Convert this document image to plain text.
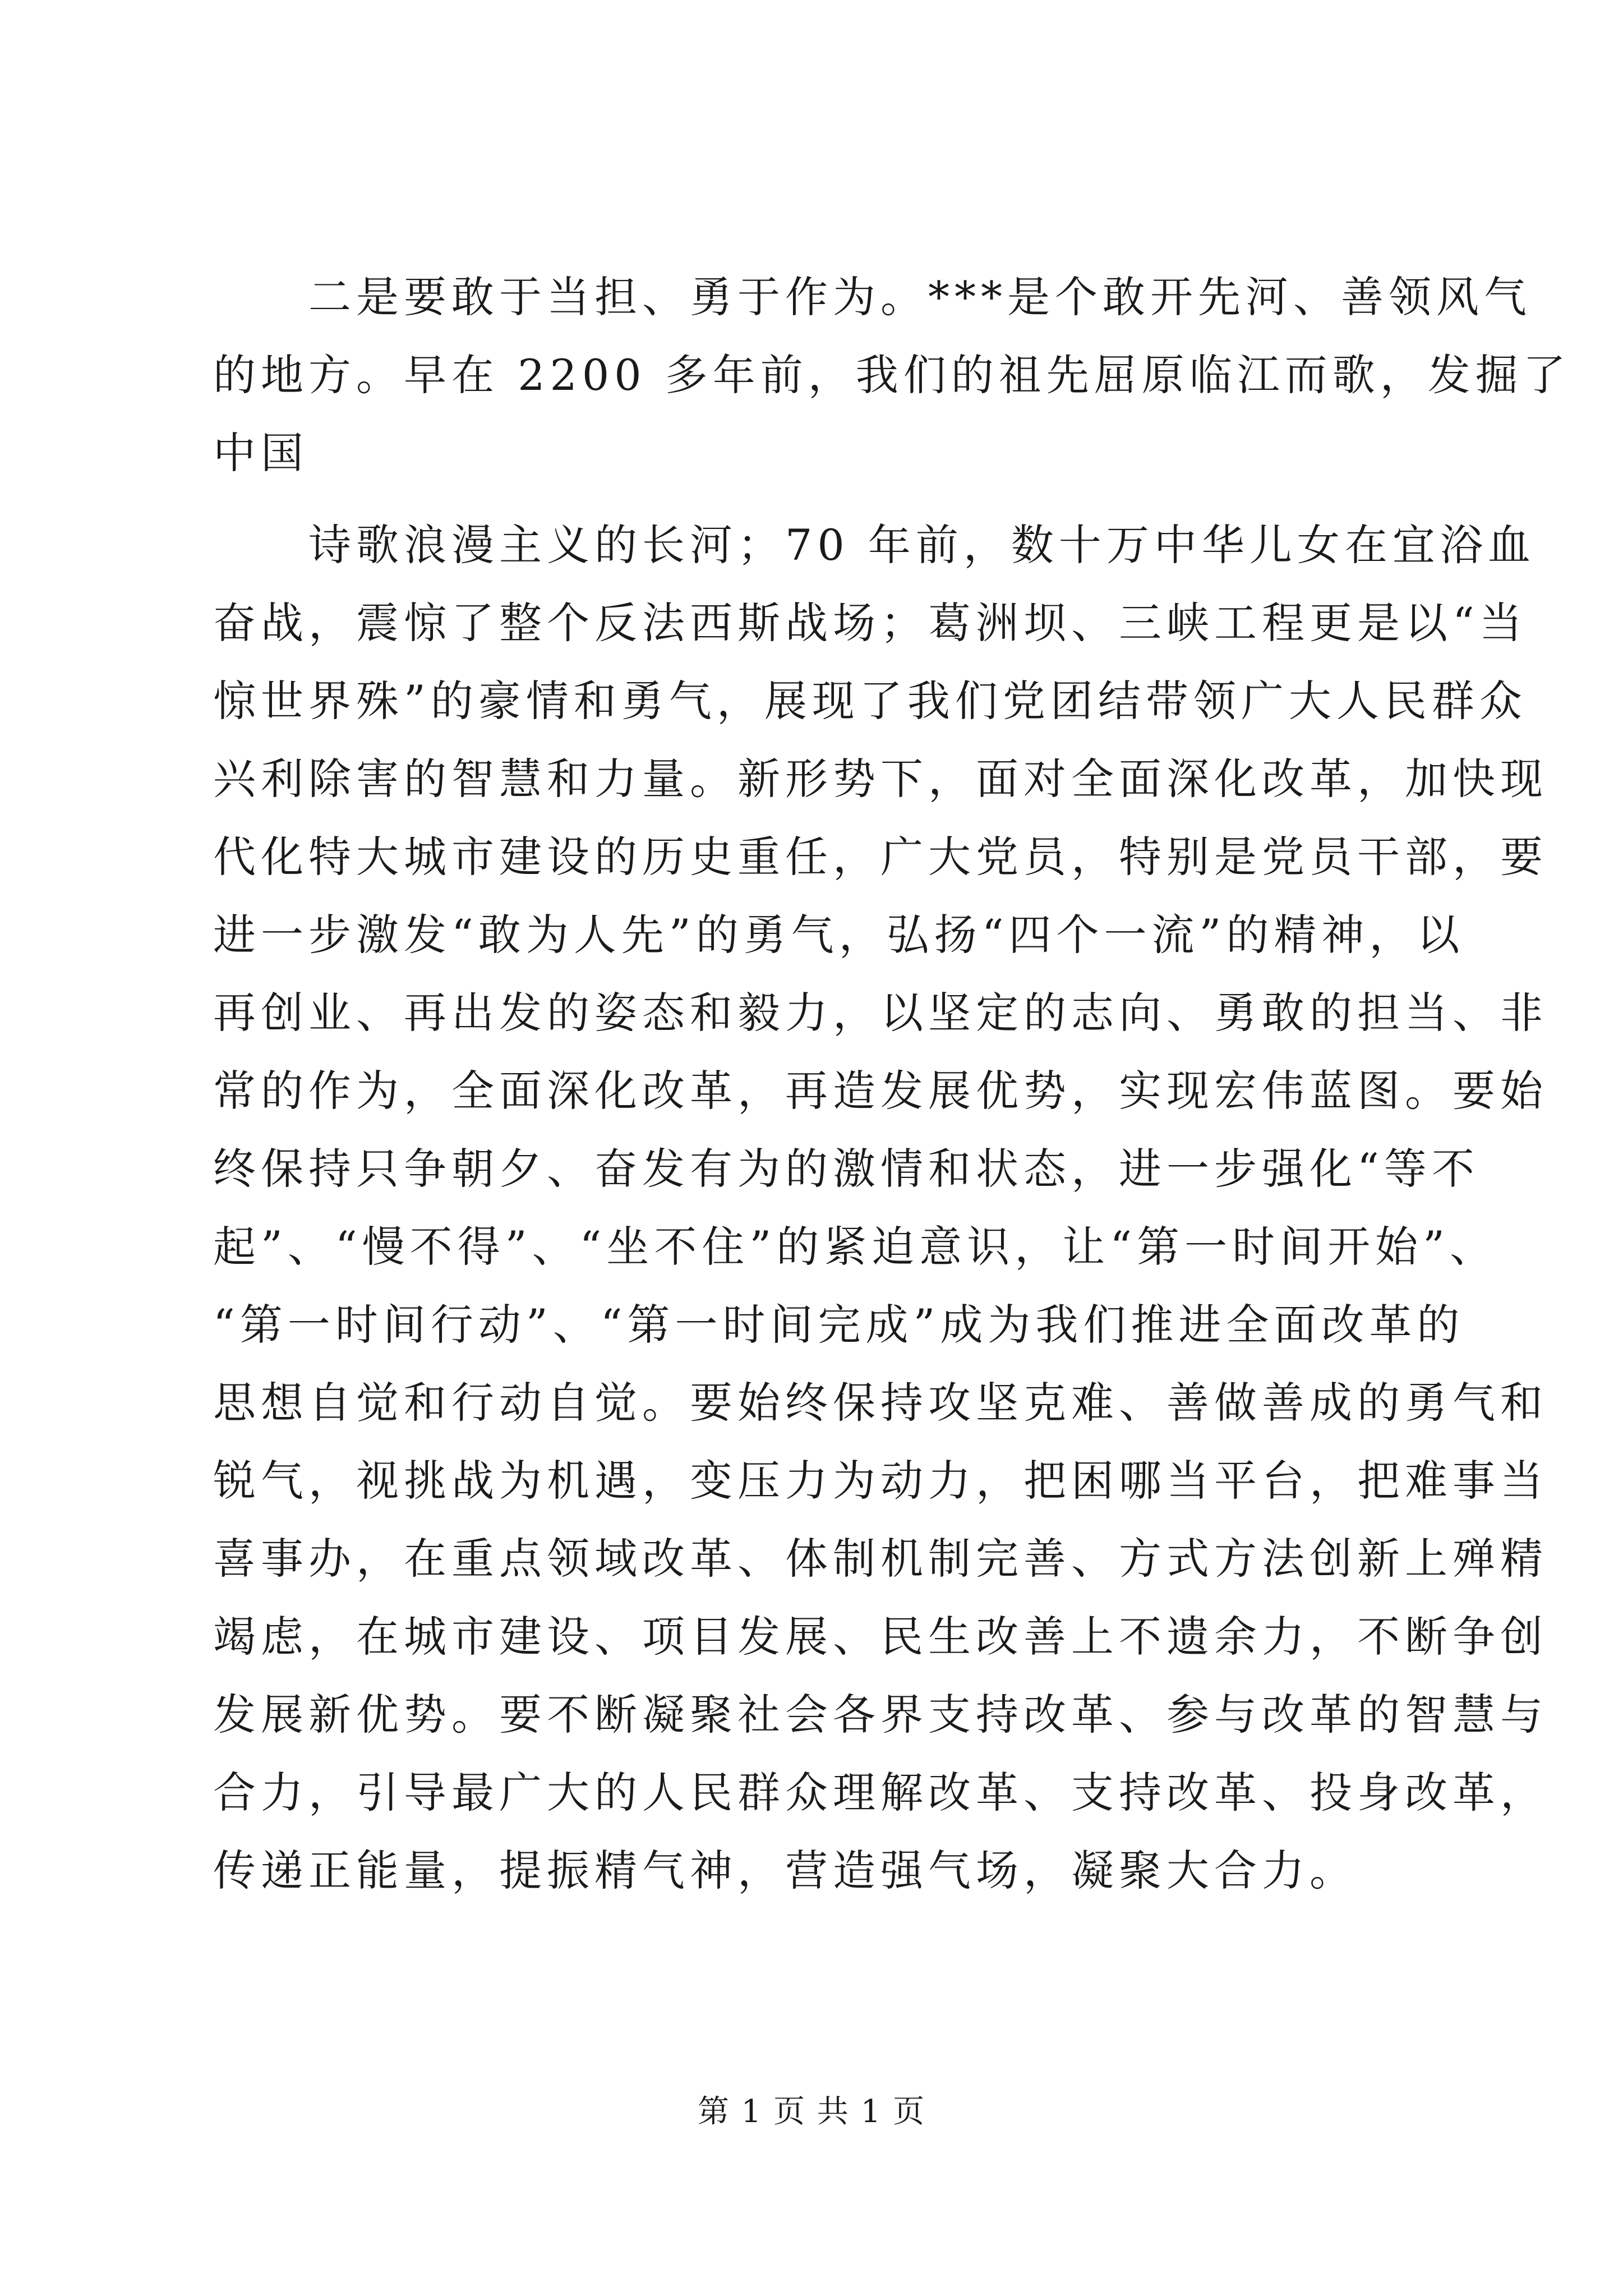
　　二是要敢于当担、勇于作为。***是个敢开先河、善领风气
的地方。早在 2200 多年前，我们的祖先屈原临江而歌，发掘了
中国
　　诗歌浪漫主义的长河；70 年前，数十万中华儿女在宜浴血
奋战，震惊了整个反法西斯战场；葛洲坝、三峡工程更是以“当
惊世界殊”的豪情和勇气，展现了我们党团结带领广大人民群众
兴利除害的智慧和力量。新形势下，面对全面深化改革，加快现
代化特大城市建设的历史重任，广大党员，特别是党员干部，要
进一步激发“敢为人先”的勇气，弘扬“四个一流”的精神，以
再创业、再出发的姿态和毅力，以坚定的志向、勇敢的担当、非
常的作为，全面深化改革，再造发展优势，实现宏伟蓝图。要始
终保持只争朝夕、奋发有为的激情和状态，进一步强化“等不
起”、“慢不得”、“坐不住”的紧迫意识，让“第一时间开始”、
“第一时间行动”、“第一时间完成”成为我们推进全面改革的
思想自觉和行动自觉。要始终保持攻坚克难、善做善成的勇气和
锐气，视挑战为机遇，变压力为动力，把困哪当平台，把难事当
喜事办，在重点领域改革、体制机制完善、方式方法创新上殚精
竭虑，在城市建设、项目发展、民生改善上不遗余力，不断争创
发展新优势。要不断凝聚社会各界支持改革、参与改革的智慧与
合力，引导最广大的人民群众理解改革、支持改革、投身改革，
传递正能量，提振精气神，营造强气场，凝聚大合力。
第 1 页 共 1 页
